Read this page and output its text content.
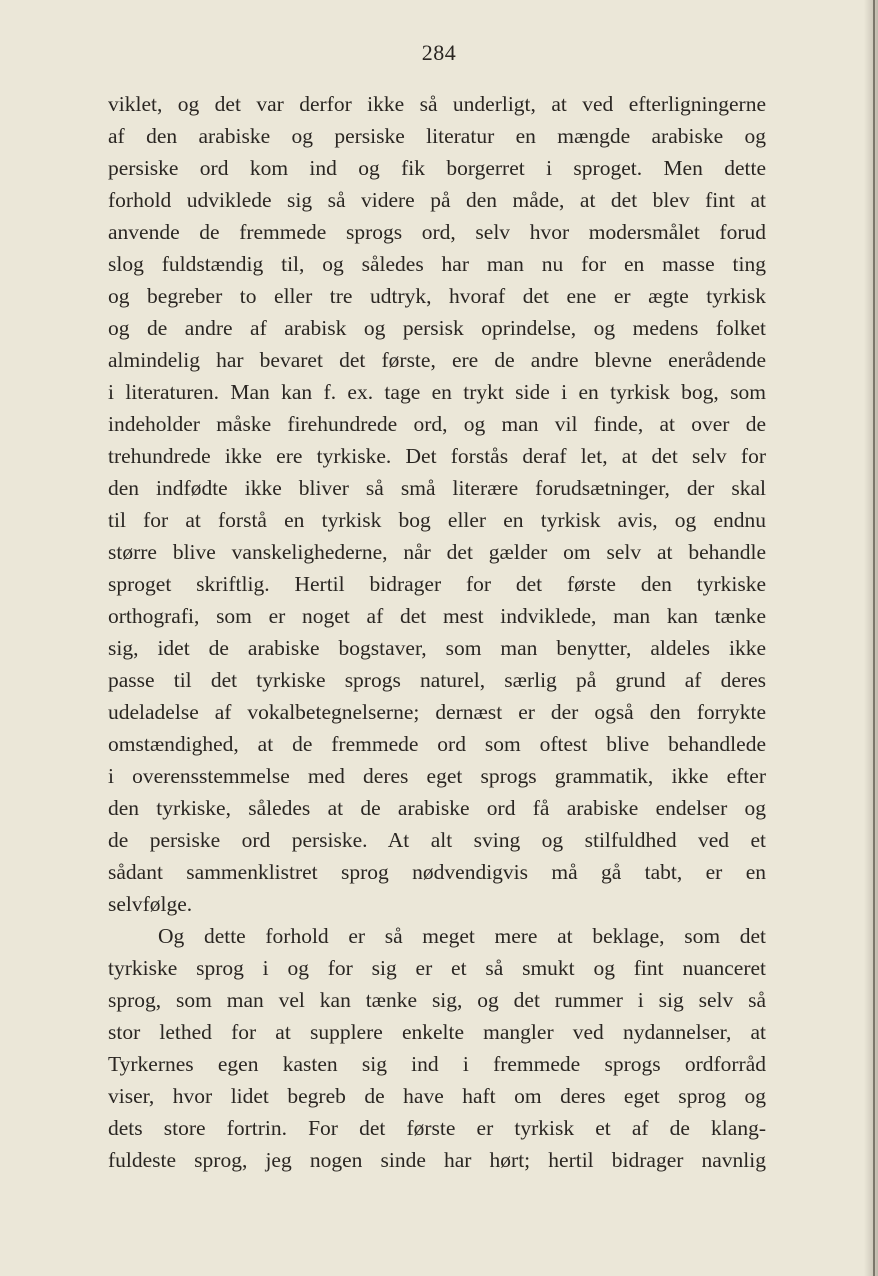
284
viklet, og det var derfor ikke så underligt, at ved efterligningerne
af den arabiske og persiske literatur en mængde arabiske og
persiske ord kom ind og fik borgerret i sproget. Men dette
forhold udviklede sig så videre på den måde, at det blev fint at
anvende de fremmede sprogs ord, selv hvor modersmålet forud
slog fuldstændig til, og således har man nu for en masse ting
og begreber to eller tre udtryk, hvoraf det ene er ægte tyrkisk
og de andre af arabisk og persisk oprindelse, og medens folket
almindelig har bevaret det første, ere de andre blevne enerådende
i literaturen. Man kan f. ex. tage en trykt side i en tyrkisk bog, som
indeholder måske firehundrede ord, og man vil finde, at over de
trehundrede ikke ere tyrkiske. Det forstås deraf let, at det selv for
den indfødte ikke bliver så små literære forudsætninger, der skal
til for at forstå en tyrkisk bog eller en tyrkisk avis, og endnu
større blive vanskelighederne, når det gælder om selv at behandle
sproget skriftlig. Hertil bidrager for det første den tyrkiske
orthografi, som er noget af det mest indviklede, man kan tænke
sig, idet de arabiske bogstaver, som man benytter, aldeles ikke
passe til det tyrkiske sprogs naturel, særlig på grund af deres
udeladelse af vokalbetegnelserne; dernæst er der også den forrykte
omstændighed, at de fremmede ord som oftest blive behandlede
i overensstemmelse med deres eget sprogs grammatik, ikke efter
den tyrkiske, således at de arabiske ord få arabiske endelser og
de persiske ord persiske. At alt sving og stilfuldhed ved et
sådant sammenklistret sprog nødvendigvis må gå tabt, er en
selvfølge.
Og dette forhold er så meget mere at beklage, som det
tyrkiske sprog i og for sig er et så smukt og fint nuanceret
sprog, som man vel kan tænke sig, og det rummer i sig selv så
stor lethed for at supplere enkelte mangler ved nydannelser, at
Tyrkernes egen kasten sig ind i fremmede sprogs ordforråd
viser, hvor lidet begreb de have haft om deres eget sprog og
dets store fortrin. For det første er tyrkisk et af de klang-
fuldeste sprog, jeg nogen sinde har hørt; hertil bidrager navnlig
